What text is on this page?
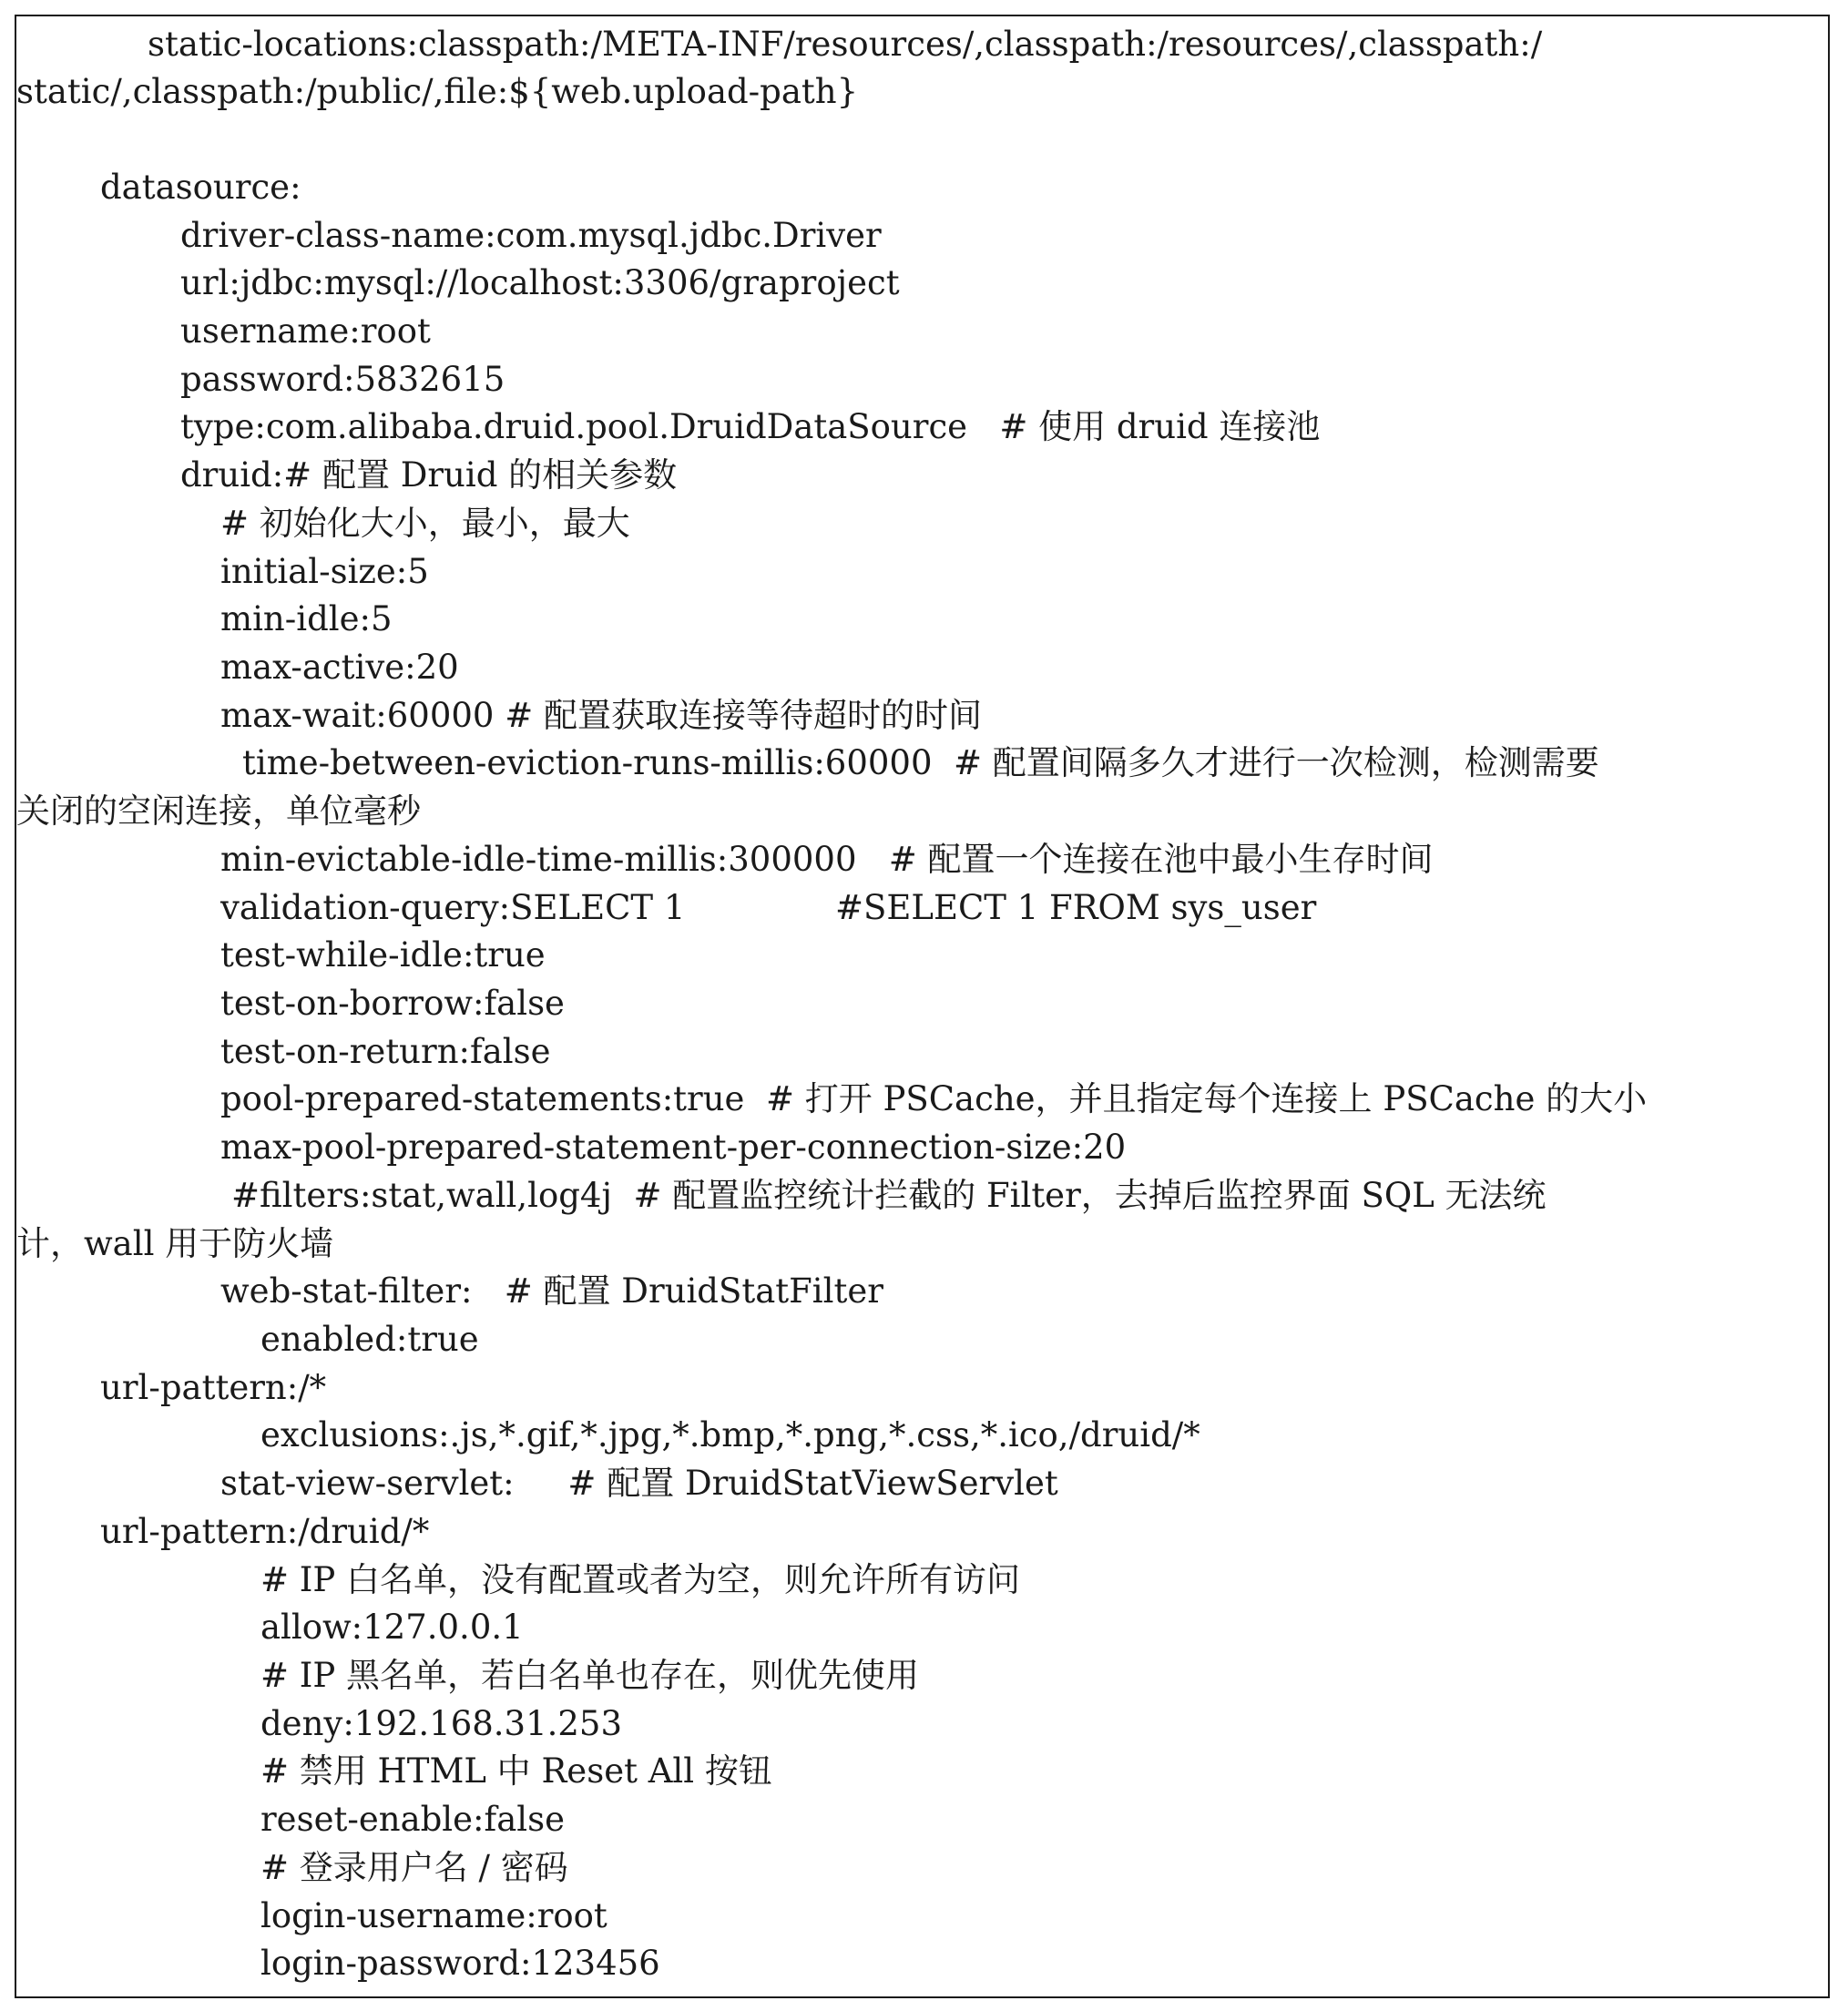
static-locations:classpath:/META-INF/resources/,classpath:/resources/,classpath:/
static/,classpath:/public/,file:${web.upload-path}
datasource:
driver-class-name:com.mysql.jdbc.Driver
url:jdbc:mysql://localhost:3306/graproject
username:root
password:5832615
type:com.alibaba.druid.pool.DruidDataSource   # 使用 druid 连接池
druid:# 配置 Druid 的相关参数
# 初始化大小，最小，最大
initial-size:5
min-idle:5
max-active:20
max-wait:60000 # 配置获取连接等待超时的时间
time-between-eviction-runs-millis:60000  # 配置间隔多久才进行一次检测，检测需要
关闭的空闲连接，单位毫秒
min-evictable-idle-time-millis:300000   # 配置一个连接在池中最小生存时间
validation-query:SELECT 1              #SELECT 1 FROM sys_user
test-while-idle:true
test-on-borrow:false
test-on-return:false
pool-prepared-statements:true  # 打开 PSCache，并且指定每个连接上 PSCache 的大小
max-pool-prepared-statement-per-connection-size:20
#filters:stat,wall,log4j  # 配置监控统计拦截的 Filter，去掉后监控界面 SQL 无法统
计，wall 用于防火墙
web-stat-filter:   # 配置 DruidStatFilter
enabled:true
url-pattern:/*
exclusions:.js,*.gif,*.jpg,*.bmp,*.png,*.css,*.ico,/druid/*
stat-view-servlet:     # 配置 DruidStatViewServlet
url-pattern:/druid/*
# IP 白名单，没有配置或者为空，则允许所有访问
allow:127.0.0.1
# IP 黑名单，若白名单也存在，则优先使用
deny:192.168.31.253
# 禁用 HTML 中 Reset All 按钮
reset-enable:false
# 登录用户名 / 密码
login-username:root
login-password:123456
